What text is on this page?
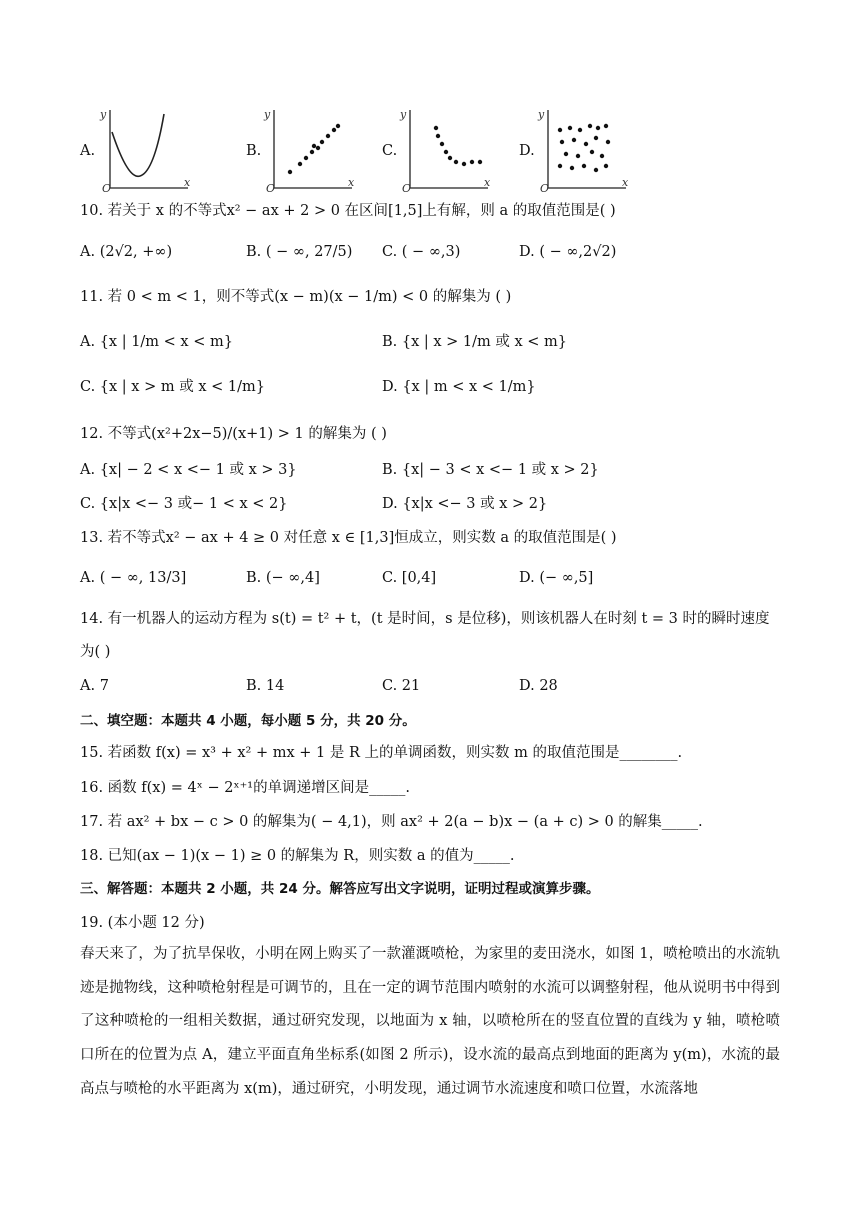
A.
y
x
O
B.
y
x
O
C.
y
x
O
D.
y
x
O
10. 若关于 x 的不等式x² − ax + 2 > 0 在区间[1,5]上有解，则 a 的取值范围是( )
A. (2√2, +∞)	B. ( − ∞, 27/5) C. ( − ∞,3)	D. ( − ∞,2√2)
11. 若 0 < m < 1，则不等式(x − m)(x − 1/m) < 0 的解集为 ( )
A. {x | 1/m < x < m}	B. {x | x > 1/m 或 x < m}
C. {x | x > m 或 x < 1/m}	D. {x | m < x < 1/m}
12. 不等式(x²+2x−5)/(x+1) > 1 的解集为 ( )
A. {x| − 2 < x <− 1 或 x > 3}	B. {x| − 3 < x <− 1 或 x > 2}
C. {x|x <− 3 或− 1 < x < 2}	D. {x|x <− 3 或 x > 2}
13. 若不等式x² − ax + 4 ≥ 0 对任意 x ∈ [1,3]恒成立，则实数 a 的取值范围是( )
A. ( − ∞, 13/3]	B. (− ∞,4]	C. [0,4]	D. (− ∞,5]
14. 有一机器人的运动方程为 s(t) = t² + t，(t 是时间，s 是位移)，则该机器人在时刻 t = 3 时的瞬时速度
为( )
A. 7	B. 14	C. 21	D. 28
二、填空题：本题共 4 小题，每小题 5 分，共 20 分。
15. 若函数 f(x) = x³ + x² + mx + 1 是 R 上的单调函数，则实数 m 的取值范围是________.
16. 函数 f(x) = 4ˣ − 2ˣ⁺¹的单调递增区间是_____.
17. 若 ax² + bx − c > 0 的解集为( − 4,1)，则 ax² + 2(a − b)x − (a + c) > 0 的解集_____.
18. 已知(ax − 1)(x − 1) ≥ 0 的解集为 R，则实数 a 的值为_____.
三、解答题：本题共 2 小题，共 24 分。解答应写出文字说明，证明过程或演算步骤。
19. (本小题 12 分)
春天来了，为了抗旱保收，小明在网上购买了一款灌溉喷枪，为家里的麦田浇水，如图 1，喷枪喷出的水流轨迹是抛物线，这种喷枪射程是可调节的，且在一定的调节范围内喷射的水流可以调整射程，他从说明书中得到了这种喷枪的一组相关数据，通过研究发现，以地面为 x 轴，以喷枪所在的竖直位置的直线为 y 轴，喷枪喷口所在的位置为点 A，建立平面直角坐标系(如图 2 所示)，设水流的最高点到地面的距离为 y(m)，水流的最高点与喷枪的水平距离为 x(m)，通过研究，小明发现，通过调节水流速度和喷口位置，水流落地
